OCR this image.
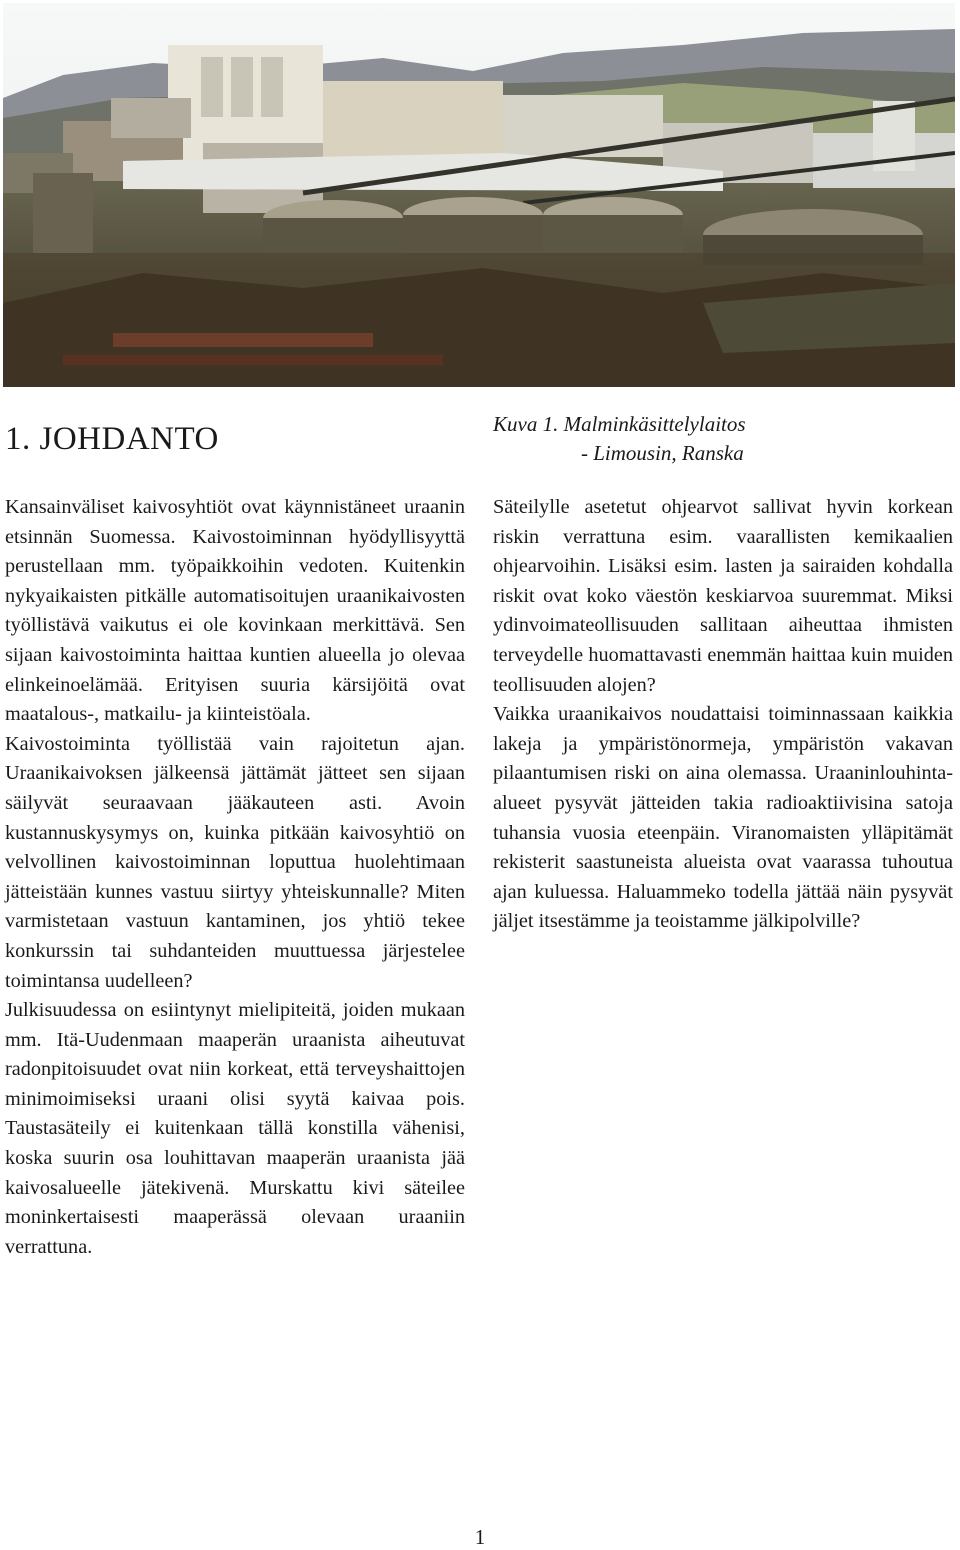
1. JOHDANTO	Kuva 1. Malminkäsittelylaitos
- Limousin, Ranska

Kansainväliset kaivosyhtiöt ovat käynnistäneet uraanin etsinnän Suomessa. Kaivostoiminnan hyödyllisyyttä perustellaan mm. työpaikkoihin vedoten. Kuitenkin nykyaikaisten pitkälle automatisoitujen uraanikaivosten työllistävä vaikutus ei ole kovinkaan merkittävä. Sen sijaan kaivostoiminta haittaa kuntien alueella jo olevaa elinkeinoelämää. Erityisen suuria kärsijöitä ovat maatalous-, matkailu- ja kiinteistöala.

Kaivostoiminta työllistää vain rajoitetun ajan. Uraanikaivoksen jälkeensä jättämät jätteet sen sijaan säilyvät seuraavaan jääkauteen asti. Avoin kustannuskysymys on, kuinka pitkään kaivosyhtiö on velvollinen kaivostoiminnan loputtua huolehtimaan jätteistään kunnes vastuu siirtyy yhteiskunnalle? Miten varmistetaan vastuun kantaminen, jos yhtiö tekee konkurssin tai suhdanteiden muuttuessa järjestelee toimintansa uudelleen?

Julkisuudessa on esiintynyt mielipiteitä, joiden mukaan mm. Itä-Uudenmaan maaperän uraanista aiheutuvat radonpitoisuudet ovat niin korkeat, että terveyshaittojen minimoimiseksi uraani olisi syytä kaivaa pois. Taustasäteily ei kuitenkaan tällä konstilla vähenisi, koska suurin osa louhittavan maaperän uraanista jää kaivosalueelle jätekivenä. Murskattu kivi säteilee moninkertaisesti maaperässä olevaan uraaniin verrattuna.

Säteilylle asetetut ohjearvot sallivat hyvin korkean riskin verrattuna esim. vaarallisten kemikaalien ohjearvoihin. Lisäksi esim. lasten ja sairaiden kohdalla riskit ovat koko väestön keskiarvoa suuremmat. Miksi ydinvoimateollisuuden sallitaan aiheuttaa ihmisten terveydelle huomattavasti enemmän haittaa kuin muiden teollisuuden alojen?

Vaikka uraanikaivos noudattaisi toiminnassaan kaikkia lakeja ja ympäristönormeja, ympäristön vakavan pilaantumisen riski on aina olemassa. Uraaninlouhinta-alueet pysyvät jätteiden takia radioaktiivisina satoja tuhansia vuosia eteenpäin. Viranomaisten ylläpitämät rekisterit saastuneista alueista ovat vaarassa tuhoutua ajan kuluessa. Haluammeko todella jättää näin pysyvät jäljet itsestämme ja teoistamme jälkipolville?

1
